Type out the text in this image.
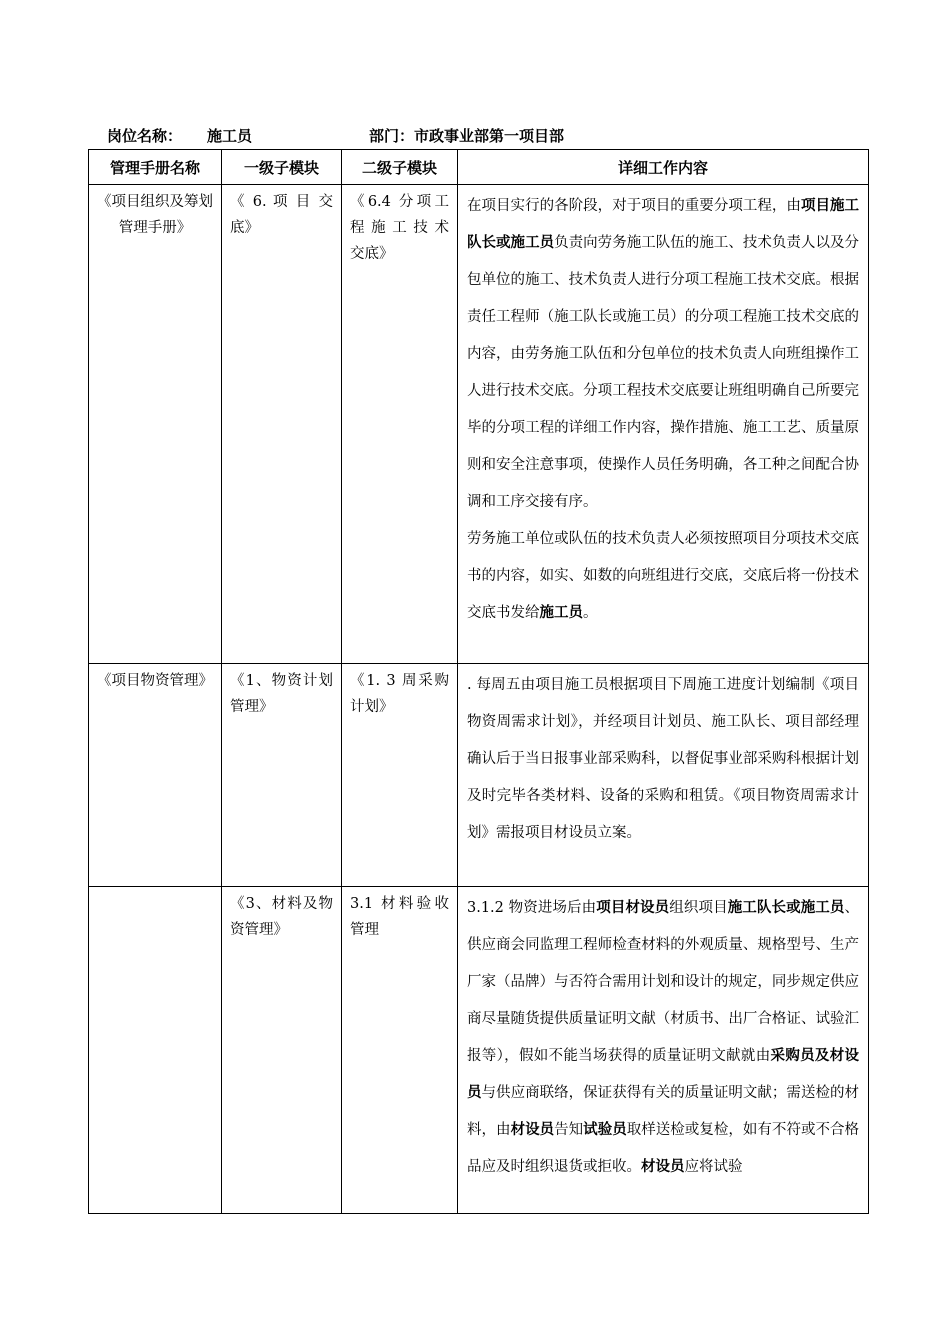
岗位名称： 施工员	部门：市政事业部第一项目部
管理手册名称	一级子模块	二级子模块	详细工作内容
《项目组织及筹划管理手册》	《 6. 项 目 交底》	《6.4 分项工程 施 工 技 术交底》	在项目实行的各阶段，对于项目的重要分项工程，由项目施工队长或施工员负责向劳务施工队伍的施工、技术负责人以及分包单位的施工、技术负责人进行分项工程施工技术交底。根据责任工程师（施工队长或施工员）的分项工程施工技术交底的内容，由劳务施工队伍和分包单位的技术负责人向班组操作工人进行技术交底。分项工程技术交底要让班组明确自己所要完毕的分项工程的详细工作内容，操作措施、施工工艺、质量原则和安全注意事项，使操作人员任务明确，各工种之间配合协调和工序交接有序。

劳务施工单位或队伍的技术负责人必须按照项目分项技术交底书的内容，如实、如数的向班组进行交底，交底后将一份技术交底书发给施工员。

《项目物资管理》	《1、物资计划管理》	《1. 3 周采购计划》	. 每周五由项目施工员根据项目下周施工进度计划编制《项目物资周需求计划》，并经项目计划员、施工队长、项目部经理确认后于当日报事业部采购科，以督促事业部采购科根据计划及时完毕各类材料、设备的采购和租赁。《项目物资周需求计划》需报项目材设员立案。
	《3、材料及物资管理》	3.1 材料验收管理	3.1.2 物资进场后由项目材设员组织项目施工队长或施工员、供应商会同监理工程师检查材料的外观质量、规格型号、生产厂家（品牌）与否符合需用计划和设计的规定，同步规定供应商尽量随货提供质量证明文献（材质书、出厂合格证、试验汇报等），假如不能当场获得的质量证明文献就由采购员及材设员与供应商联络，保证获得有关的质量证明文献；需送检的材料，由材设员告知试验员取样送检或复检，如有不符或不合格品应及时组织退货或拒收。材设员应将试验
